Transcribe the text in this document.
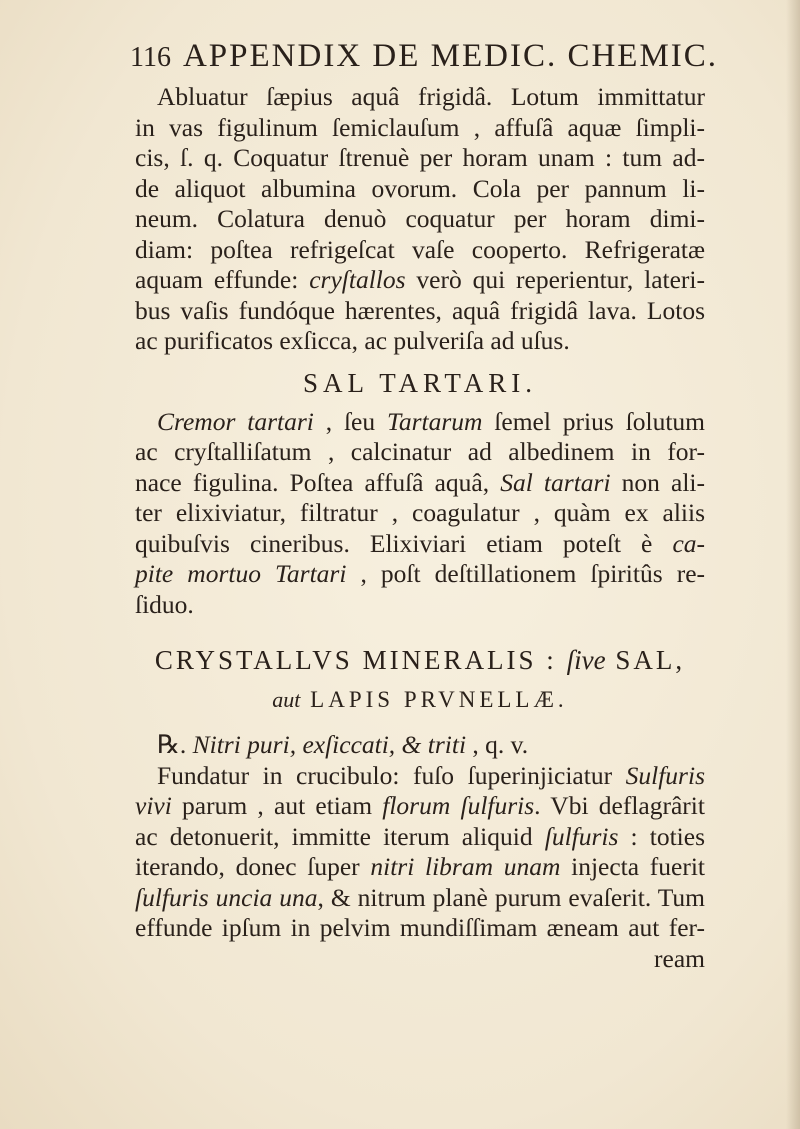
116 APPENDIX DE MEDIC. CHEMIC.
Abluatur ſæpius aquâ frigidâ. Lotum immittatur
in vas figulinum ſemiclauſum , affuſâ aquæ ſimpli-
cis, ſ. q. Coquatur ſtrenuè per horam unam : tum ad-
de aliquot albumina ovorum. Cola per pannum li-
neum. Colatura denuò coquatur per horam dimi-
diam: poſtea refrigeſcat vaſe cooperto. Refrigeratæ
aquam effunde: cryſtallos verò qui reperientur, lateri-
bus vaſis fundóque hærentes, aquâ frigidâ lava. Lotos
ac purificatos exſicca, ac pulveriſa ad uſus.
SAL TARTARI.
Cremor tartari , ſeu Tartarum ſemel prius ſolutum
ac cryſtalliſatum , calcinatur ad albedinem in for-
nace figulina. Poſtea affuſâ aquâ, Sal tartari non ali-
ter elixiviatur, filtratur , coagulatur , quàm ex aliis
quibuſvis cineribus. Elixiviari etiam poteſt è ca-
pite mortuo Tartari , poſt deſtillationem ſpiritûs re-
ſiduo.
CRYSTALLVS MINERALIS : ſive SAL,
aut LAPIS PRVNELLÆ.
℞. Nitri puri, exſiccati, & triti , q. v.
Fundatur in crucibulo: fuſo ſuperinjiciatur Sulfuris
vivi parum , aut etiam florum ſulfuris. Vbi deflagrârit
ac detonuerit, immitte iterum aliquid ſulfuris : toties
iterando, donec ſuper nitri libram unam injecta fuerit
ſulfuris uncia una, & nitrum planè purum evaſerit. Tum
effunde ipſum in pelvim mundiſſimam æneam aut fer-
ream
